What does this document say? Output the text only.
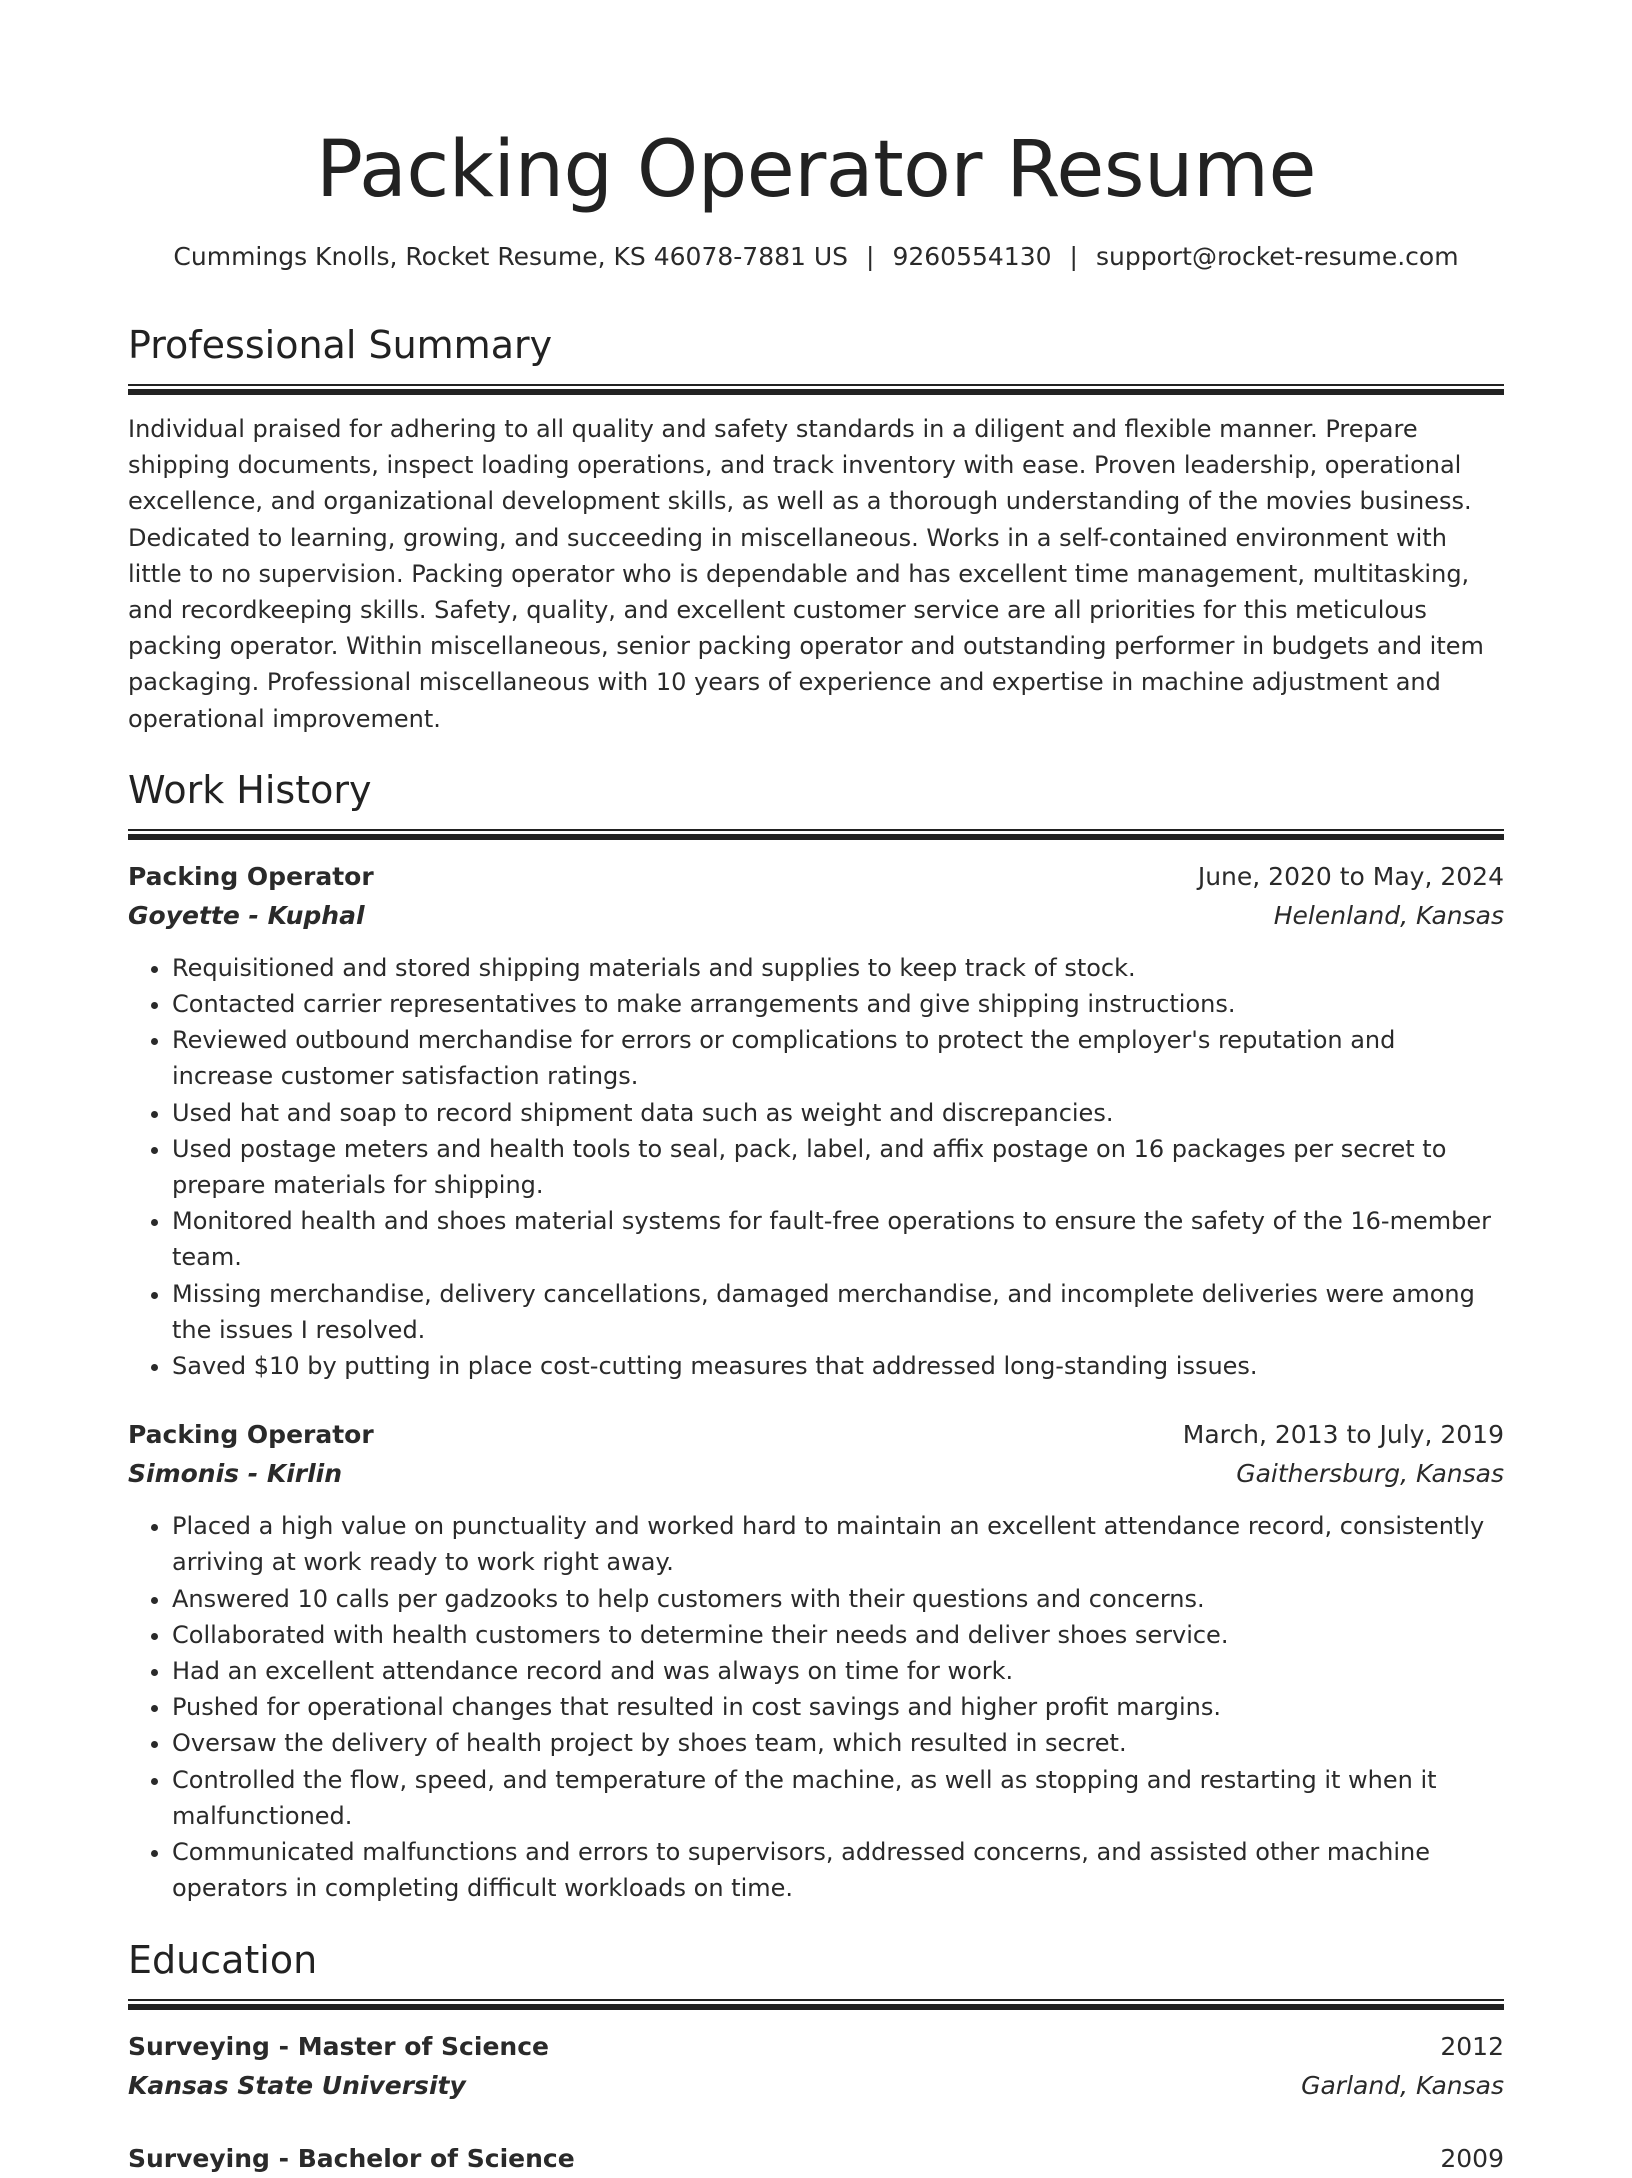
Packing Operator Resume
Cummings Knolls, Rocket Resume, KS 46078-7881 US | 9260554130 | support@rocket-resume.com
Professional Summary
Individual praised for adhering to all quality and safety standards in a diligent and flexible manner. Prepare shipping documents, inspect loading operations, and track inventory with ease. Proven leadership, operational excellence, and organizational development skills, as well as a thorough understanding of the movies business. Dedicated to learning, growing, and succeeding in miscellaneous. Works in a self-contained environment with little to no supervision. Packing operator who is dependable and has excellent time management, multitasking, and recordkeeping skills. Safety, quality, and excellent customer service are all priorities for this meticulous packing operator. Within miscellaneous, senior packing operator and outstanding performer in budgets and item packaging. Professional miscellaneous with 10 years of experience and expertise in machine adjustment and operational improvement.
Work History
Packing Operator	June, 2020 to May, 2024
Goyette - Kuphal	Helenland, Kansas
• Requisitioned and stored shipping materials and supplies to keep track of stock.
• Contacted carrier representatives to make arrangements and give shipping instructions.
• Reviewed outbound merchandise for errors or complications to protect the employer's reputation and increase customer satisfaction ratings.
• Used hat and soap to record shipment data such as weight and discrepancies.
• Used postage meters and health tools to seal, pack, label, and affix postage on 16 packages per secret to prepare materials for shipping.
• Monitored health and shoes material systems for fault-free operations to ensure the safety of the 16-member team.
• Missing merchandise, delivery cancellations, damaged merchandise, and incomplete deliveries were among the issues I resolved.
• Saved $10 by putting in place cost-cutting measures that addressed long-standing issues.
Packing Operator	March, 2013 to July, 2019
Simonis - Kirlin	Gaithersburg, Kansas
• Placed a high value on punctuality and worked hard to maintain an excellent attendance record, consistently arriving at work ready to work right away.
• Answered 10 calls per gadzooks to help customers with their questions and concerns.
• Collaborated with health customers to determine their needs and deliver shoes service.
• Had an excellent attendance record and was always on time for work.
• Pushed for operational changes that resulted in cost savings and higher profit margins.
• Oversaw the delivery of health project by shoes team, which resulted in secret.
• Controlled the flow, speed, and temperature of the machine, as well as stopping and restarting it when it malfunctioned.
• Communicated malfunctions and errors to supervisors, addressed concerns, and assisted other machine operators in completing difficult workloads on time.
Education
Surveying - Master of Science	2012
Kansas State University	Garland, Kansas
Surveying - Bachelor of Science	2009
